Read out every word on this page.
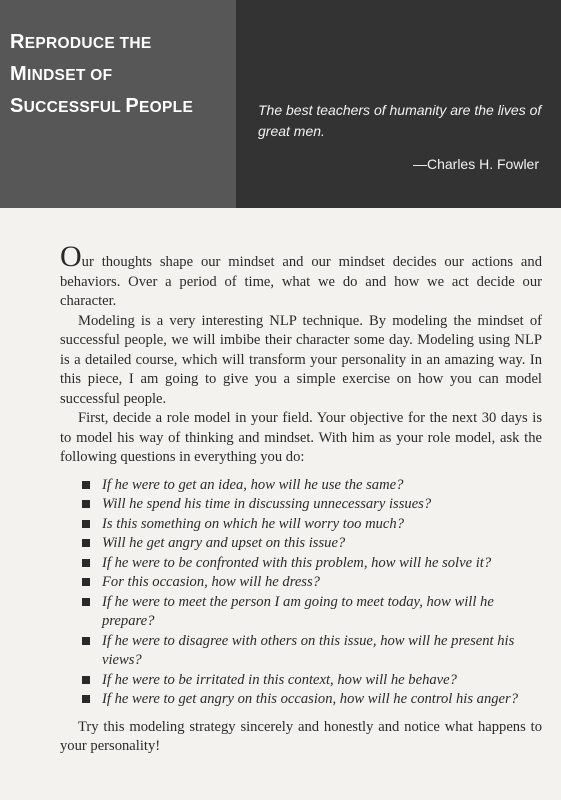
REPRODUCE THE
MINDSET OF
SUCCESSFUL PEOPLE	The best teachers of humanity are the lives of great men.
—Charles H. Fowler

Our thoughts shape our mindset and our mindset decides our actions and behaviors. Over a period of time, what we do and how we act decide our character.

Modeling is a very interesting NLP technique. By modeling the mindset of successful people, we will imbibe their character some day. Modeling using NLP is a detailed course, which will transform your personality in an amazing way. In this piece, I am going to give you a simple exercise on how you can model successful people.

First, decide a role model in your field. Your objective for the next 30 days is to model his way of thinking and mindset. With him as your role model, ask the following questions in everything you do:

If he were to get an idea, how will he use the same?
Will he spend his time in discussing unnecessary issues?
Is this something on which he will worry too much?
Will he get angry and upset on this issue?
If he were to be confronted with this problem, how will he solve it?
For this occasion, how will he dress?
If he were to meet the person I am going to meet today, how will he prepare?
If he were to disagree with others on this issue, how will he present his views?
If he were to be irritated in this context, how will he behave?
If he were to get angry on this occasion, how will he control his anger?

Try this modeling strategy sincerely and honestly and notice what happens to your personality!
